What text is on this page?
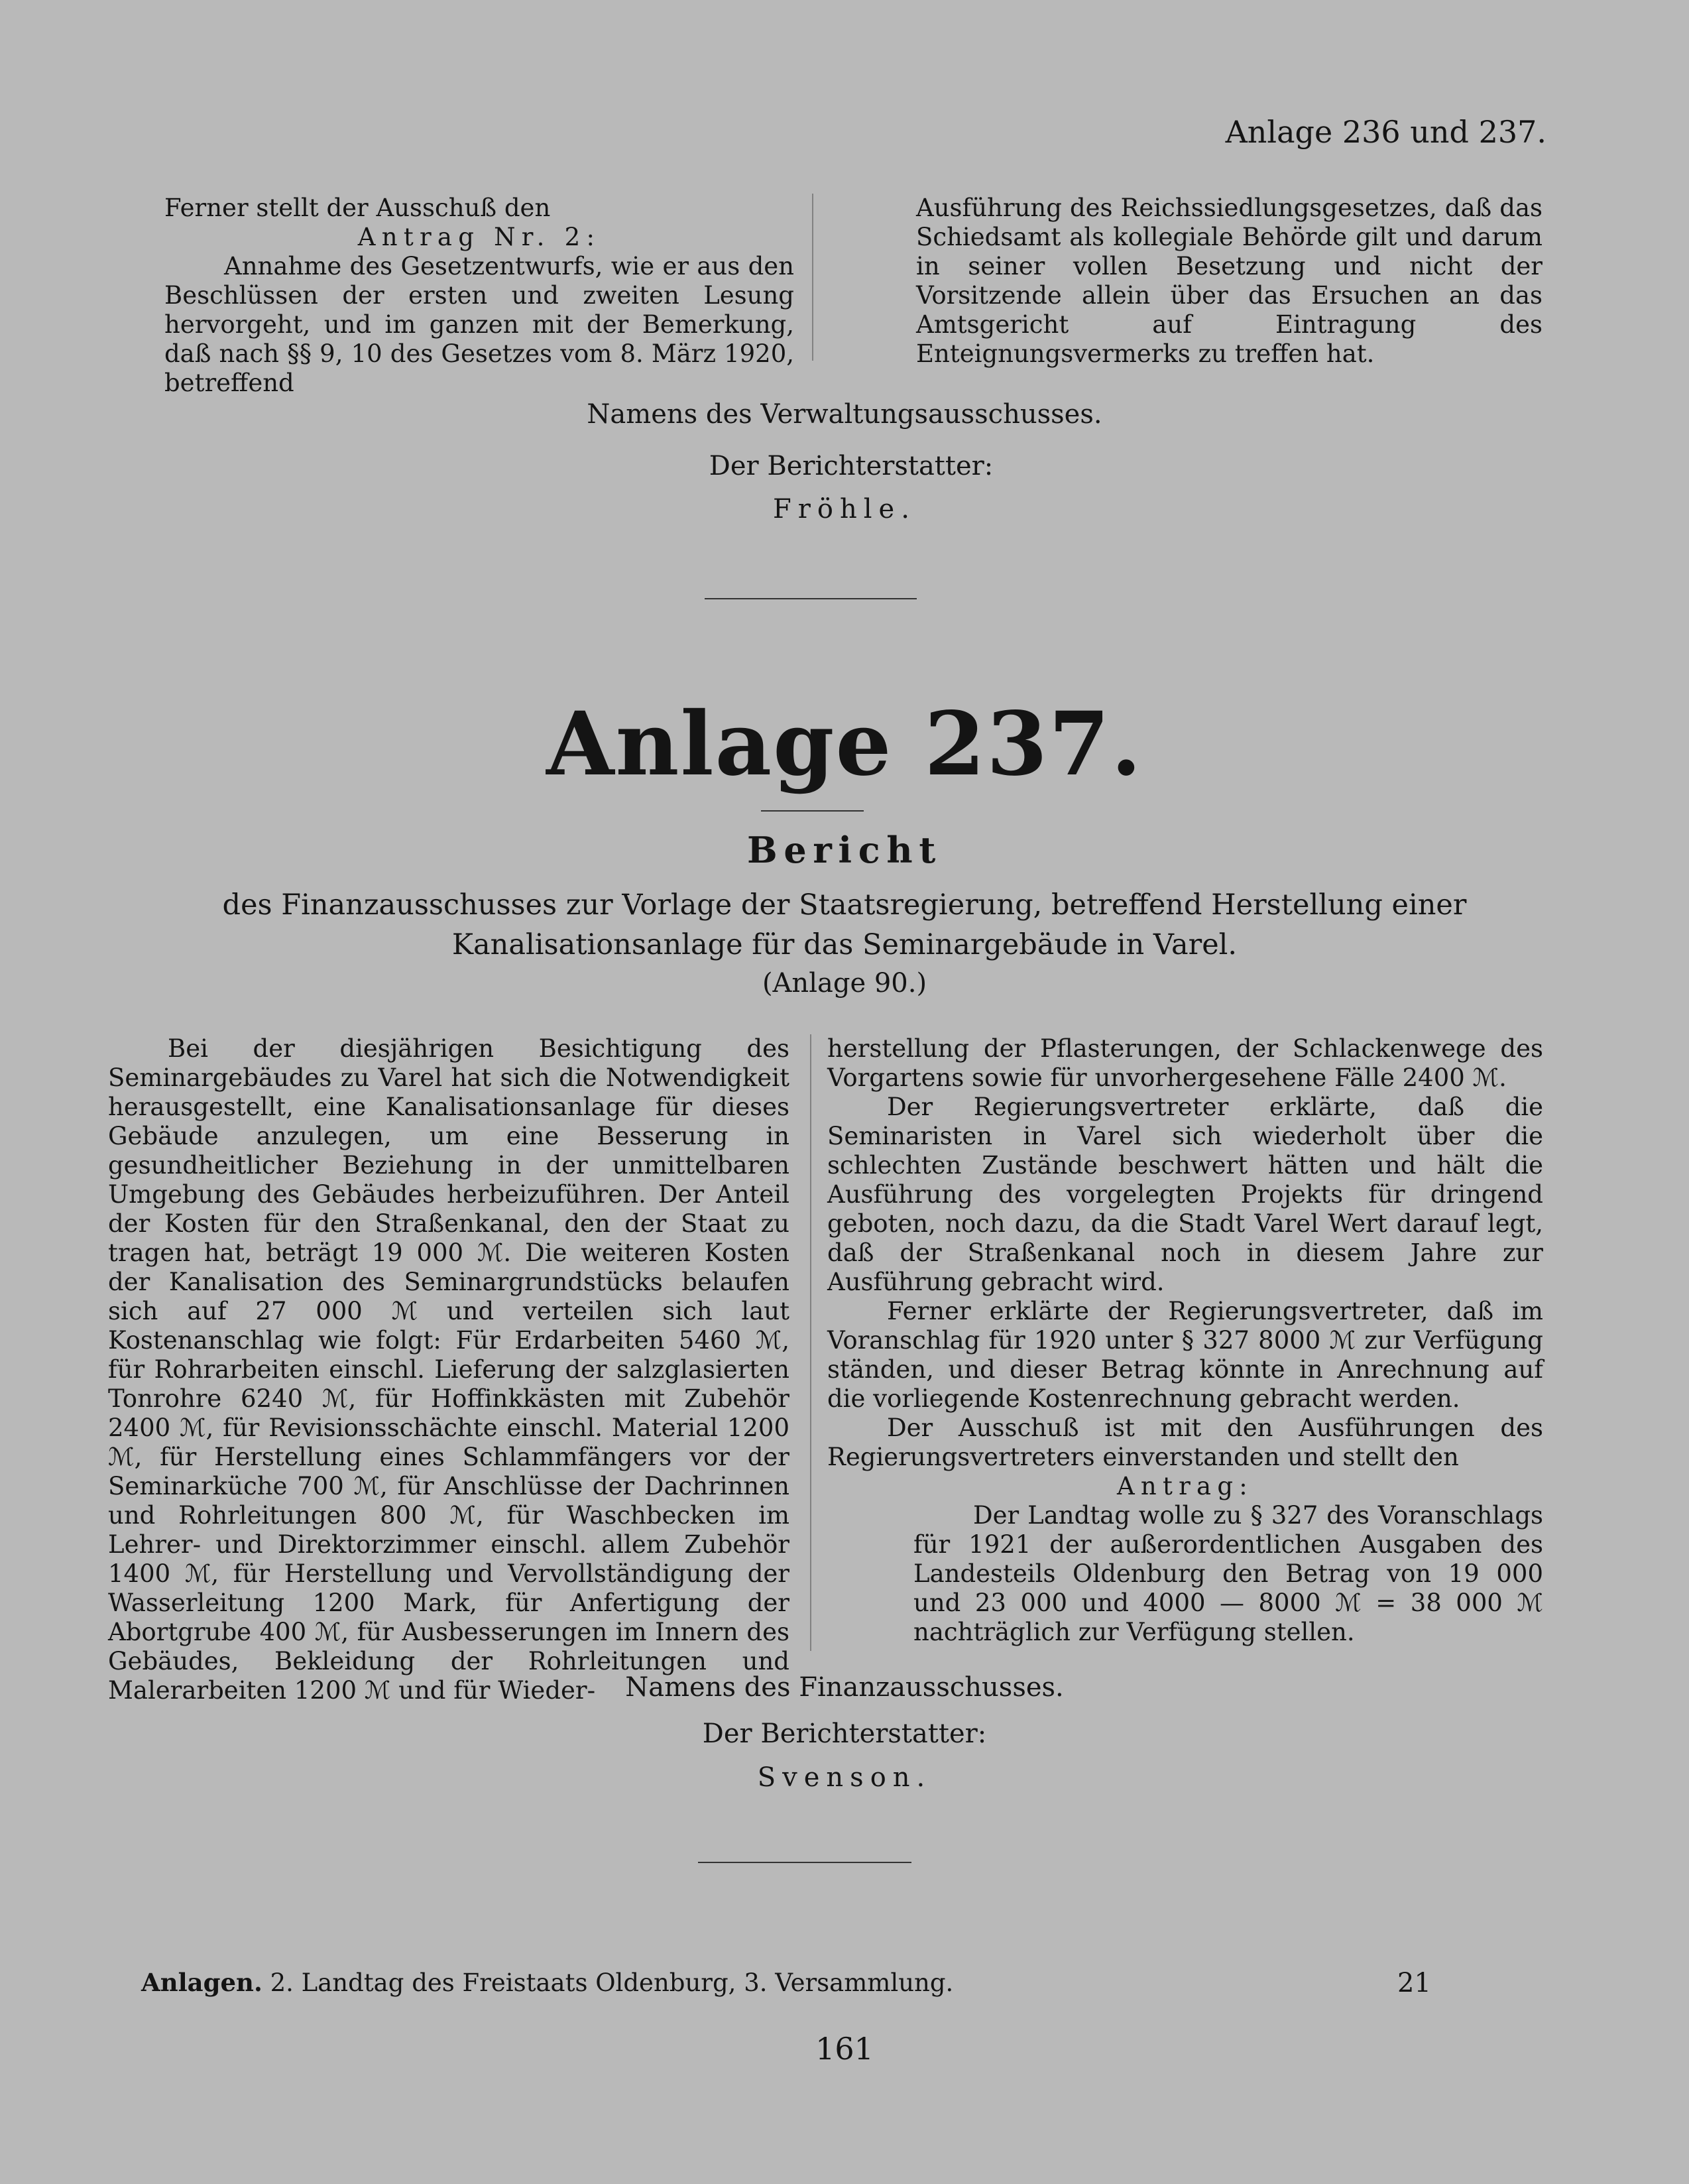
Anlage 236 und 237.

Ferner stellt der Ausschuß den

Antrag Nr. 2:

Annahme des Gesetzentwurfs, wie er aus den Beschlüssen der ersten und zweiten Lesung hervorgeht, und im ganzen mit der Bemerkung, daß nach §§ 9, 10 des Gesetzes vom 8. März 1920, betreffend

Ausführung des Reichssiedlungsgesetzes, daß das Schiedsamt als kollegiale Behörde gilt und darum in seiner vollen Besetzung und nicht der Vorsitzende allein über das Ersuchen an das Amtsgericht auf Eintragung des Enteignungsvermerks zu treffen hat.

Namens des Verwaltungsausschusses.
Der Berichterstatter:
Fröhle.
Anlage 237.
Bericht
des Finanzausschusses zur Vorlage der Staatsregierung, betreffend Herstellung einer Kanalisationsanlage für das Seminargebäude in Varel.
(Anlage 90.)

Bei der diesjährigen Besichtigung des Seminargebäudes zu Varel hat sich die Notwendigkeit herausgestellt, eine Kanalisationsanlage für dieses Gebäude anzulegen, um eine Besserung in gesundheitlicher Beziehung in der unmittelbaren Umgebung des Gebäudes herbeizuführen. Der Anteil der Kosten für den Straßenkanal, den der Staat zu tragen hat, beträgt 19 000 ℳ. Die weiteren Kosten der Kanalisation des Seminargrundstücks belaufen sich auf 27 000 ℳ und verteilen sich laut Kostenanschlag wie folgt: Für Erdarbeiten 5460 ℳ, für Rohrarbeiten einschl. Lieferung der salzglasierten Tonrohre 6240 ℳ, für Hoffinkkästen mit Zubehör 2400 ℳ, für Revisionsschächte einschl. Material 1200 ℳ, für Herstellung eines Schlammfängers vor der Seminarküche 700 ℳ, für Anschlüsse der Dachrinnen und Rohrleitungen 800 ℳ, für Waschbecken im Lehrer- und Direktorzimmer einschl. allem Zubehör 1400 ℳ, für Herstellung und Vervollständigung der Wasserleitung 1200 Mark, für Anfertigung der Abortgrube 400 ℳ, für Ausbesserungen im Innern des Gebäudes, Bekleidung der Rohrleitungen und Malerarbeiten 1200 ℳ und für Wieder-

herstellung der Pflasterungen, der Schlackenwege des Vorgartens sowie für unvorhergesehene Fälle 2400 ℳ.

Der Regierungsvertreter erklärte, daß die Seminaristen in Varel sich wiederholt über die schlechten Zustände beschwert hätten und hält die Ausführung des vorgelegten Projekts für dringend geboten, noch dazu, da die Stadt Varel Wert darauf legt, daß der Straßenkanal noch in diesem Jahre zur Ausführung gebracht wird.

Ferner erklärte der Regierungsvertreter, daß im Voranschlag für 1920 unter § 327 8000 ℳ zur Verfügung ständen, und dieser Betrag könnte in Anrechnung auf die vorliegende Kostenrechnung gebracht werden.

Der Ausschuß ist mit den Ausführungen des Regierungsvertreters einverstanden und stellt den

Antrag:

Der Landtag wolle zu § 327 des Voranschlags für 1921 der außerordentlichen Ausgaben des Landesteils Oldenburg den Betrag von 19 000 und 23 000 und 4000 — 8000 ℳ = 38 000 ℳ nachträglich zur Verfügung stellen.

Namens des Finanzausschusses.
Der Berichterstatter:
Svenson.
Anlagen. 2. Landtag des Freistaats Oldenburg, 3. Versammlung.	21
161
